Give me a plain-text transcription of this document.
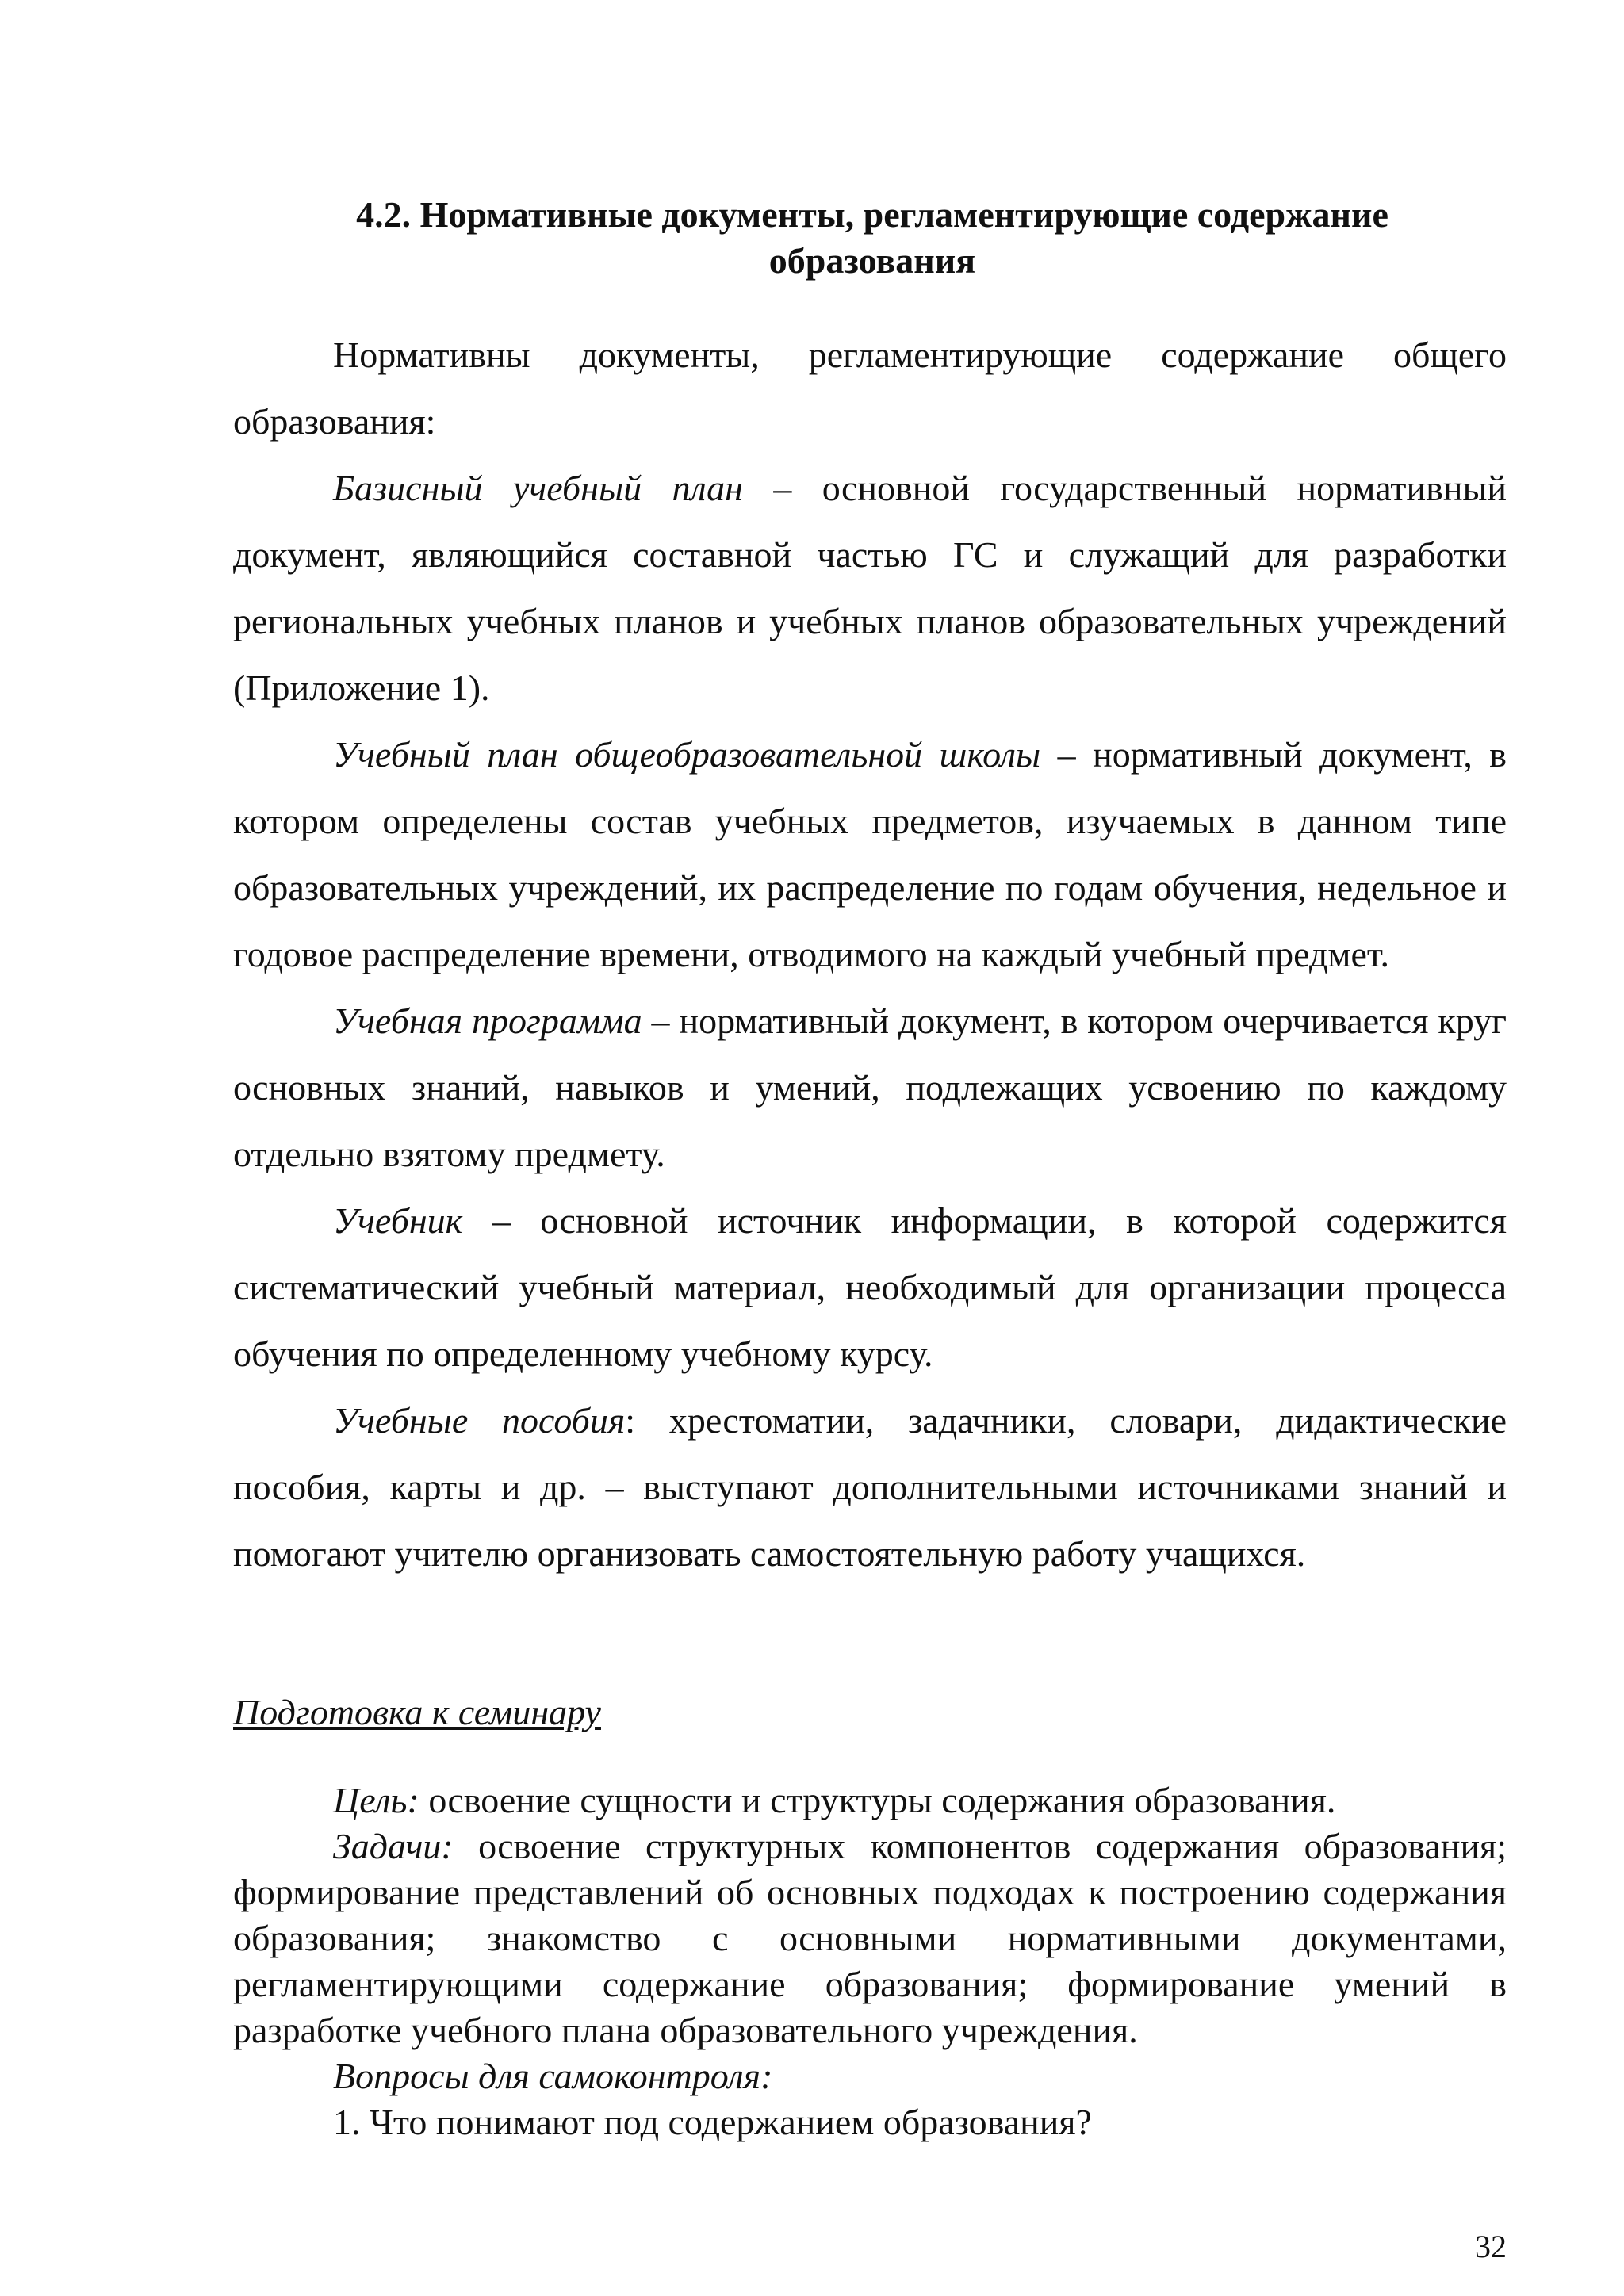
4.2. Нормативные документы, регламентирующие содержание
образования

Нормативны документы, регламентирующие содержание общего образования:

Базисный учебный план – основной государственный нормативный документ, являющийся составной частью ГС и служащий для разработки региональных учебных планов и учебных планов образовательных учреждений (Приложение 1).

Учебный план общеобразовательной школы – нормативный документ, в котором определены состав учебных предметов, изучаемых в данном типе образовательных учреждений, их распределение по годам обучения, недельное и годовое распределение времени, отводимого на каждый учебный предмет.

Учебная программа – нормативный документ, в котором очерчивается круг основных знаний, навыков и умений, подлежащих усвоению по каждому отдельно взятому предмету.

Учебник – основной источник информации, в которой содержится систематический учебный материал, необходимый для организации процесса обучения по определенному учебному курсу.

Учебные пособия: хрестоматии, задачники, словари, дидактические пособия, карты и др. – выступают дополнительными источниками знаний и помогают учителю организовать самостоятельную работу учащихся.

Подготовка к семинару

Цель: освоение сущности и структуры содержания образования.

Задачи: освоение структурных компонентов содержания образования; формирование представлений об основных подходах к построению содержания образования; знакомство с основными нормативными документами, регламентирующими содержание образования; формирование умений в разработке учебного плана образовательного учреждения.

Вопросы для самоконтроля:

1. Что понимают под содержанием образования?

32
